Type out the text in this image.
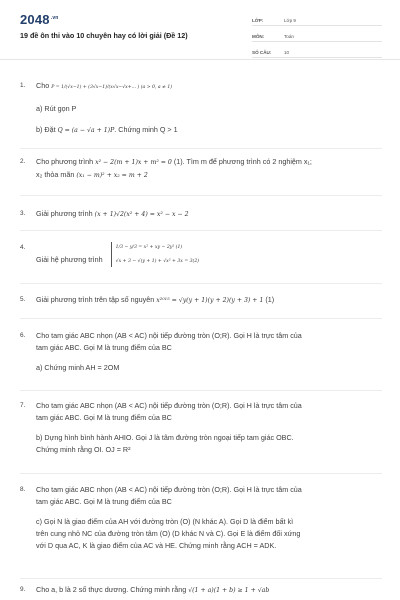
$2048^{.vn}$
19 đề ôn thi vào 10 chuyên hay có lời giải (Đề 12)
LỚP:	Lớp 9
MÔN:	Toán
SỐ CÂU:	10
1.	Cho P = 1/(√x−1) + (3√x−1)/(x√x−√x+... ) (a > 0, a ≠ 1)

a) Rút gọn P

b) Đặt Q = (a − √a + 1)P. Chứng minh Q > 1

2.	Cho phương trình x² − 2(m + 1)x + m² = 0 (1). Tìm m để phương trình có 2 nghiệm x₁;

x₂ thỏa mãn (x₁ − m)² + x₂ = m + 2

3.	Giải phương trình (x + 1)√2(x² + 4) = x² − x − 2

4.
Giải hệ phương trình
1/3 − y/3 = x² + xy − 2y² (1)
√x + 3 − √(y + 1) + √x² + 3x = 3(2)
5.	Giải phương trình trên tập số nguyên x²⁰¹⁵ = √y(y + 1)(y + 2)(y + 3) + 1 (1)

6.	Cho tam giác ABC nhọn (AB < AC) nội tiếp đường tròn (O;R). Gọi H là trực tâm của

tam giác ABC. Gọi M là trung điểm của BC

a) Chứng minh AH = 2OM

7.	Cho tam giác ABC nhọn (AB < AC) nội tiếp đường tròn (O;R). Gọi H là trực tâm của

tam giác ABC. Gọi M là trung điểm của BC

b) Dựng hình bình hành AHIO. Gọi J là tâm đường tròn ngoại tiếp tam giác OBC.

Chứng minh rằng OI. OJ = R²

8.	Cho tam giác ABC nhọn (AB < AC) nội tiếp đường tròn (O;R). Gọi H là trực tâm của

tam giác ABC. Gọi M là trung điểm của BC

c) Gọi N là giao điểm của AH với đường tròn (O) (N khác A). Gọi D là điểm bất kì

trên cung nhỏ NC của đường tròn tâm (O) (D khác N và C). Gọi E là điểm đối xứng

với D qua AC, K là giao điểm của AC và HE. Chứng minh rằng ACH = ADK.

9.	Cho a, b là 2 số thực dương. Chứng minh rằng √(1 + a)(1 + b) ≥ 1 + √ab
